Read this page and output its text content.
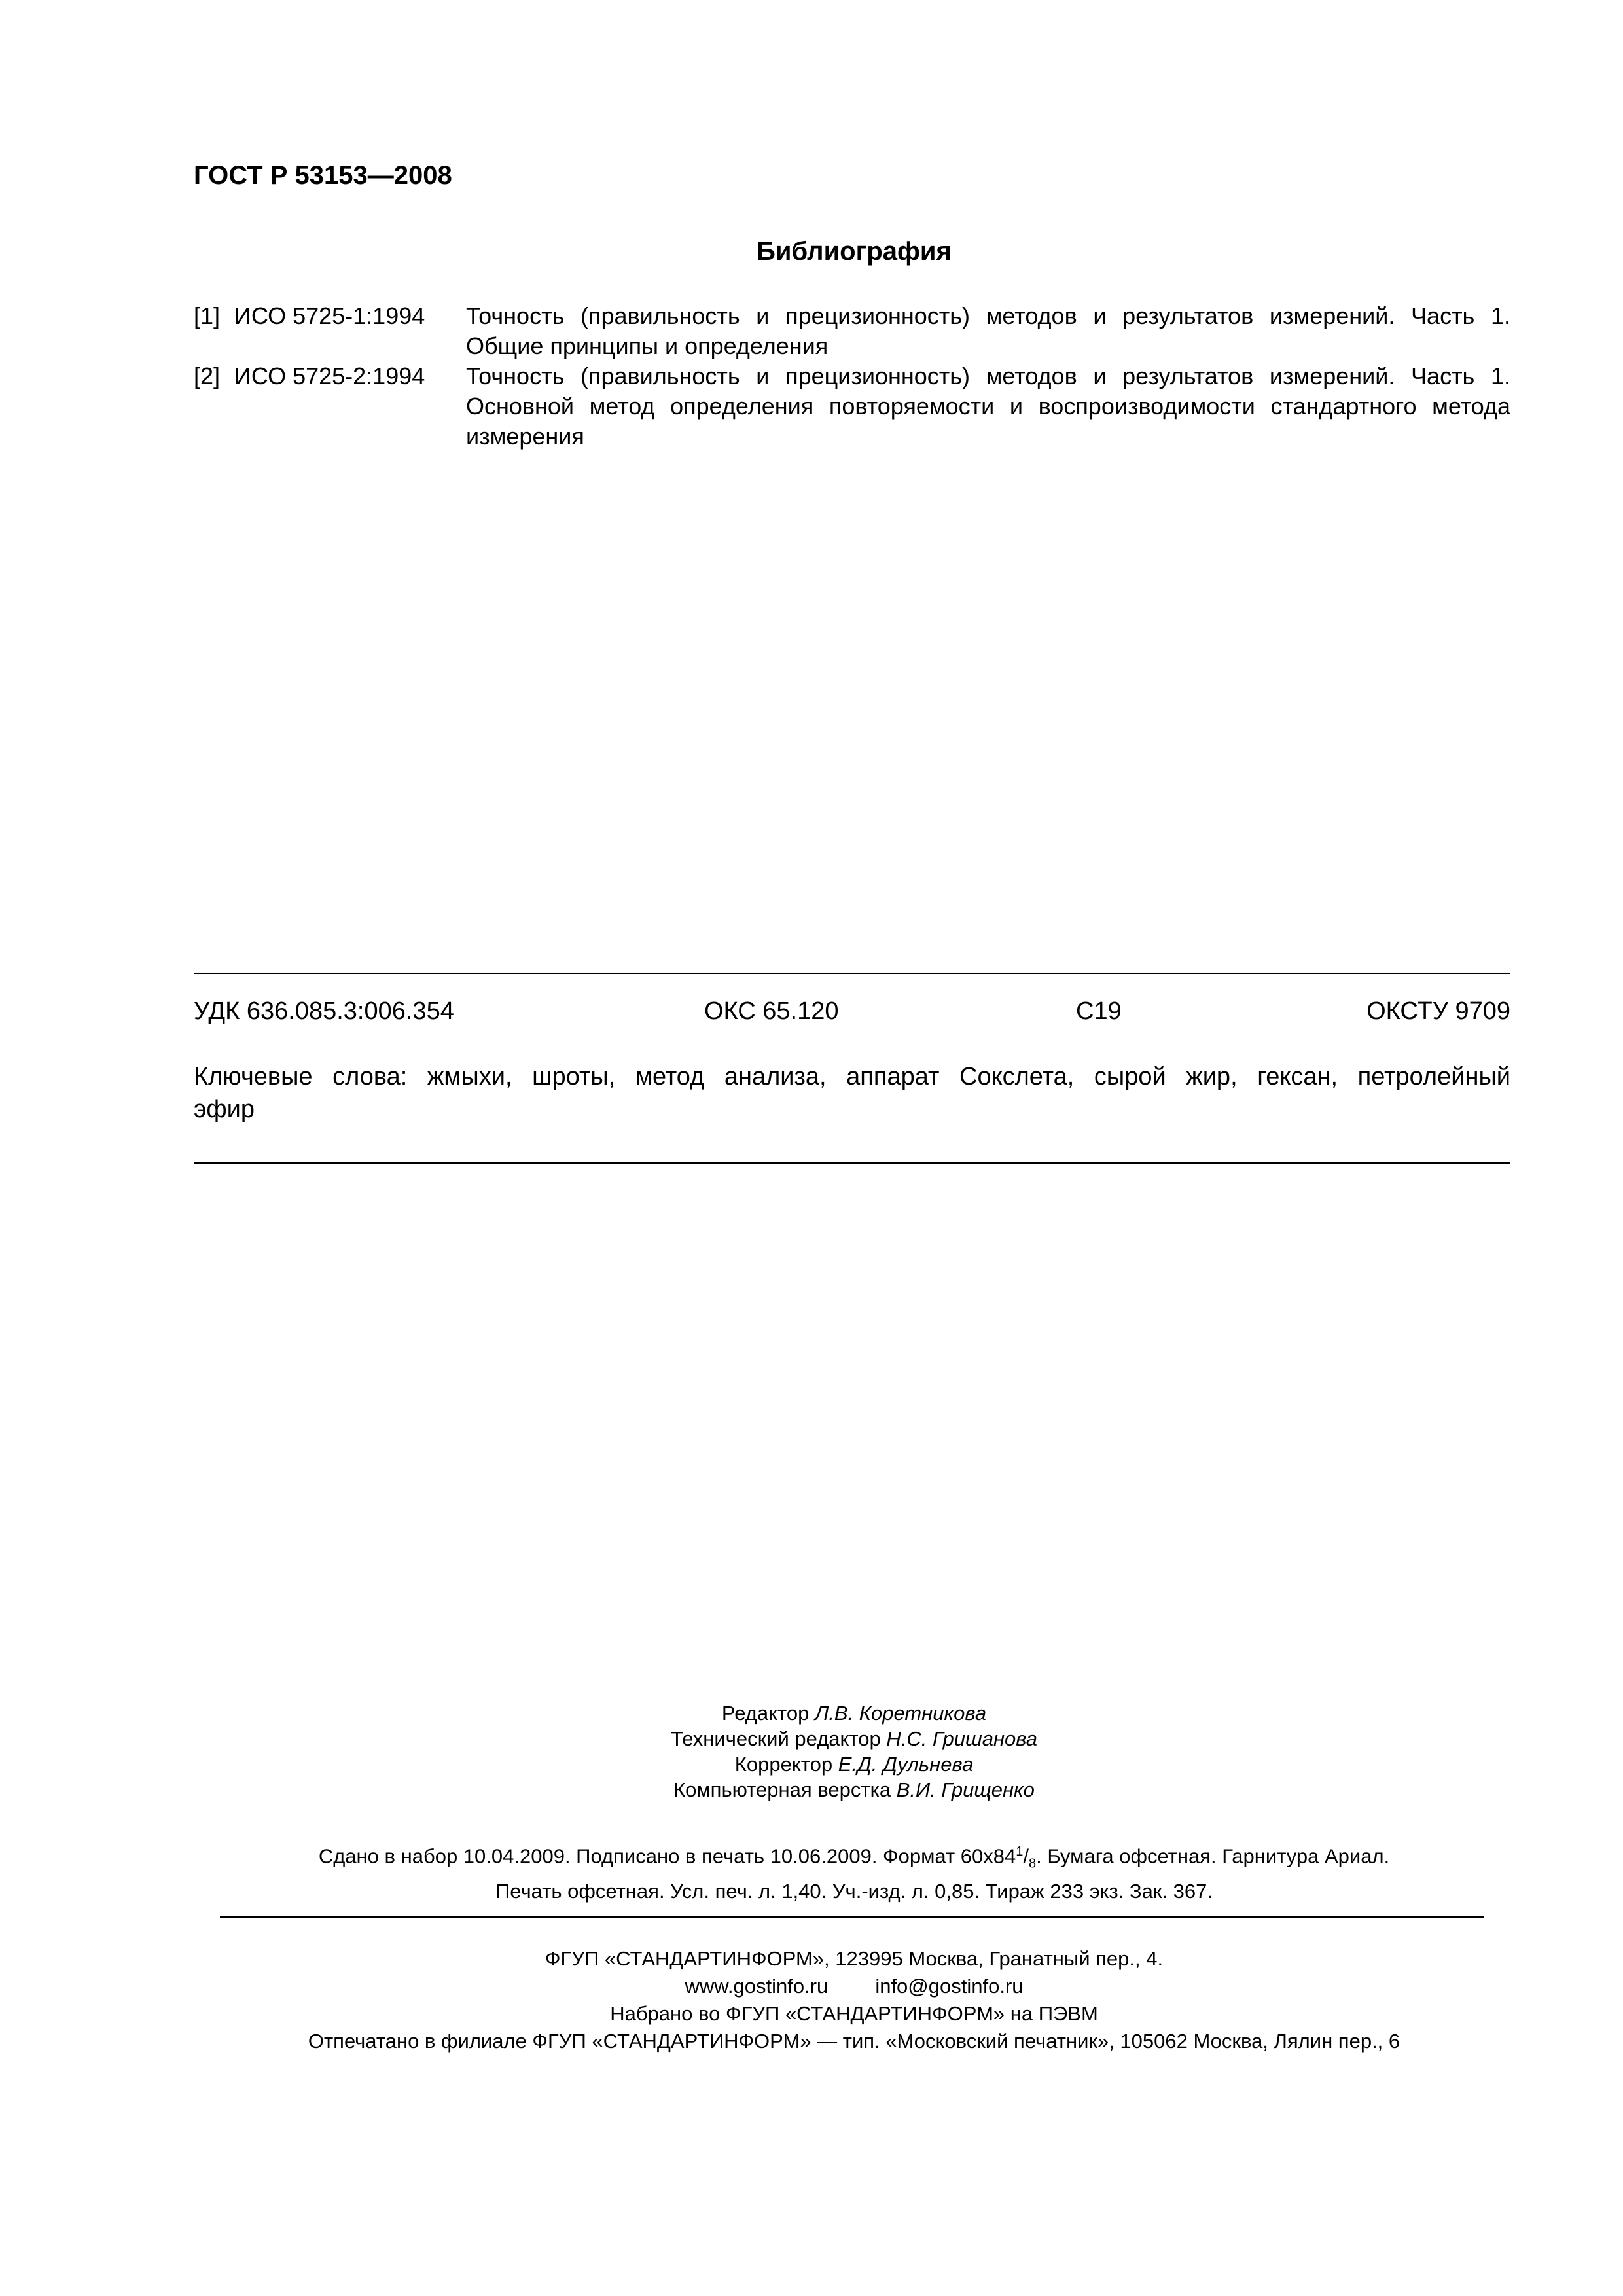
ГОСТ Р 53153—2008
Библиография
[1] ИСО 5725-1:1994 Точность (правильность и прецизионность) методов и результатов измерений. Часть 1.
Общие принципы и определения
[2] ИСО 5725-2:1994 Точность (правильность и прецизионность) методов и результатов измерений. Часть 1.
Основной метод определения повторяемости и воспроизводимости стандартного метода
измерения
УДК 636.085.3:006.354	ОКС 65.120	С19	ОКСТУ 9709
Ключевые слова: жмыхи, шроты, метод анализа, аппарат Сокслета, сырой жир, гексан, петролейный
эфир
Редактор Л.В. Коретникова
Технический редактор Н.С. Гришанова
Корректор Е.Д. Дульнева
Компьютерная верстка В.И. Грищенко
Сдано в набор 10.04.2009. Подписано в печать 10.06.2009. Формат $60x84^1/_8$. Бумага офсетная. Гарнитура Ариал.
Печать офсетная. Усл. печ. л. 1,40. Уч.-изд. л. 0,85. Тираж 233 экз. Зак. 367.
ФГУП «СТАНДАРТИНФОРМ», 123995 Москва, Гранатный пер., 4.
www.gostinfo.ru info@gostinfo.ru
Набрано во ФГУП «СТАНДАРТИНФОРМ» на ПЭВМ
Отпечатано в филиале ФГУП «СТАНДАРТИНФОРМ» — тип. «Московский печатник», 105062 Москва, Лялин пер., 6
